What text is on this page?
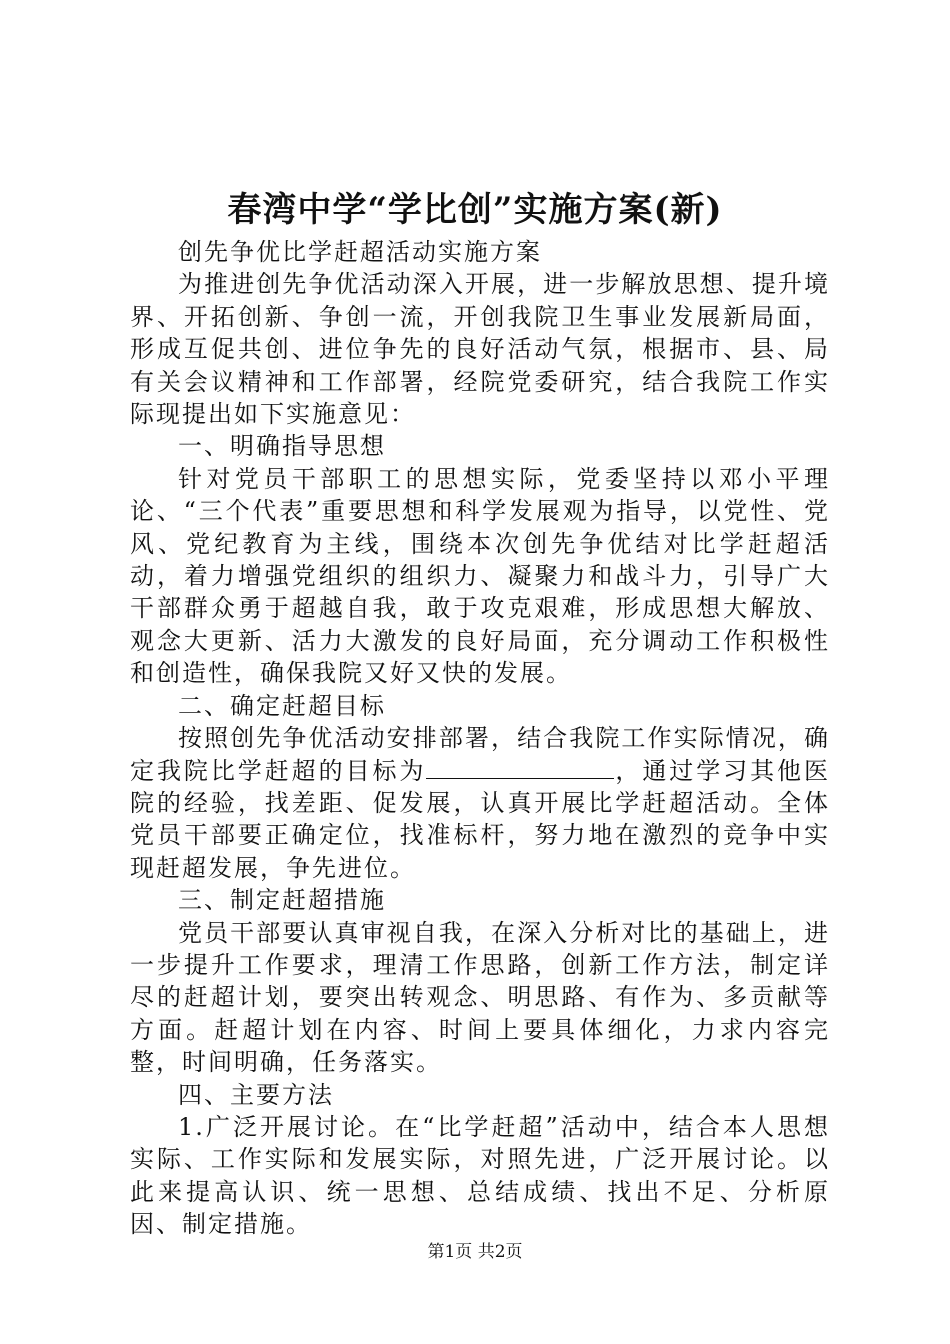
春湾中学“学比创”实施方案(新)

创先争优比学赶超活动实施方案

为推进创先争优活动深入开展，进一步解放思想、提升境界、开拓创新、争创一流，开创我院卫生事业发展新局面，形成互促共创、进位争先的良好活动气氛，根据市、县、局有关会议精神和工作部署，经院党委研究，结合我院工作实际现提出如下实施意见：

一、明确指导思想

针对党员干部职工的思想实际，党委坚持以邓小平理论、“三个代表”重要思想和科学发展观为指导，以党性、党风、党纪教育为主线，围绕本次创先争优结对比学赶超活动，着力增强党组织的组织力、凝聚力和战斗力，引导广大干部群众勇于超越自我，敢于攻克艰难，形成思想大解放、观念大更新、活力大激发的良好局面，充分调动工作积极性和创造性，确保我院又好又快的发展。

二、确定赶超目标

按照创先争优活动安排部署，结合我院工作实际情况，确定我院比学赶超的目标为	，通过学习其他医院的经验，找差距、促发展，认真开展比学赶超活动。全体党员干部要正确定位，找准标杆，努力地在激烈的竞争中实现赶超发展，争先进位。

三、制定赶超措施

党员干部要认真审视自我，在深入分析对比的基础上，进一步提升工作要求，理清工作思路，创新工作方法，制定详尽的赶超计划，要突出转观念、明思路、有作为、多贡献等方面。赶超计划在内容、时间上要具体细化，力求内容完整，时间明确，任务落实。

四、主要方法

1.广泛开展讨论。在“比学赶超”活动中，结合本人思想实际、工作实际和发展实际，对照先进，广泛开展讨论。以此来提高认识、统一思想、总结成绩、找出不足、分析原因、制定措施。

第1页 共2页
